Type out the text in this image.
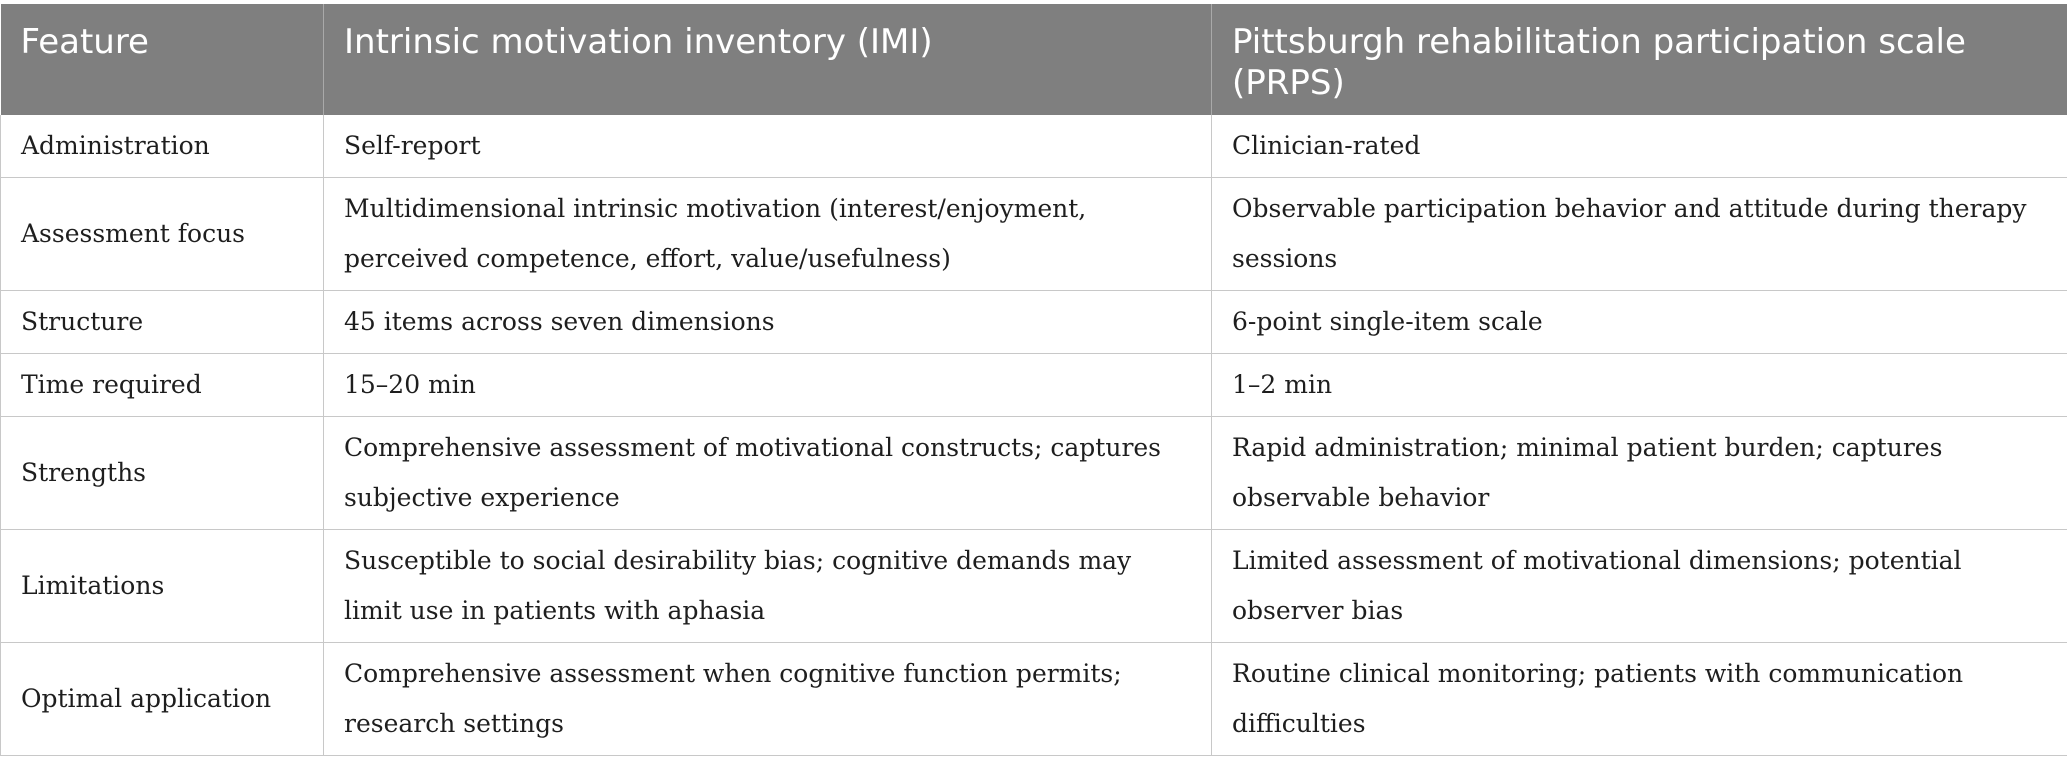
Feature	Intrinsic motivation inventory (IMI)	Pittsburgh rehabilitation participation scale (PRPS)
Administration	Self-report	Clinician-rated
Assessment focus	Multidimensional intrinsic motivation (interest/enjoyment, perceived competence, effort, value/usefulness)	Observable participation behavior and attitude during therapy sessions
Structure	45 items across seven dimensions	6-point single-item scale
Time required	15–20 min	1–2 min
Strengths	Comprehensive assessment of motivational constructs; captures subjective experience	Rapid administration; minimal patient burden; captures observable behavior
Limitations	Susceptible to social desirability bias; cognitive demands may limit use in patients with aphasia	Limited assessment of motivational dimensions; potential observer bias
Optimal application	Comprehensive assessment when cognitive function permits; research settings	Routine clinical monitoring; patients with communication difficulties
